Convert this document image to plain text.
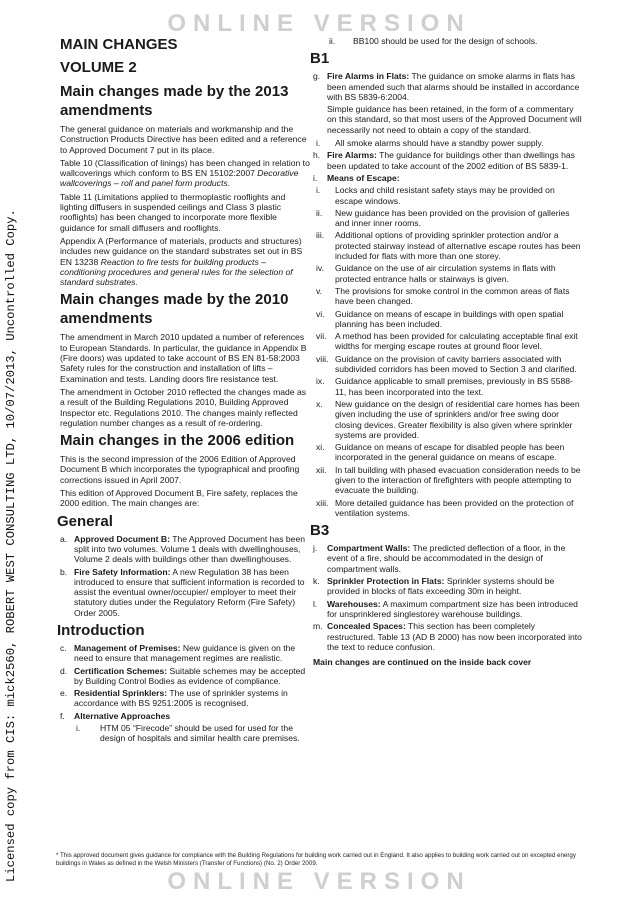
ONLINE VERSION
ONLINE VERSION
Licensed copy from CIS: mick2560, ROBERT WEST CONSULTING LTD, 10/07/2013, Uncontrolled Copy.
MAIN CHANGES
VOLUME 2
Main changes made by the 2013 amendments

The general guidance on materials and workmanship and the Construction Products Directive has been edited and a reference to Approved Document 7 put in its place.

Table 10 (Classification of linings) has been changed in relation to wallcoverings which conform to BS EN 15102:2007 Decorative wallcoverings – roll and panel form products.

Table 11 (Limitations applied to thermoplastic rooflights and lighting diffusers in suspended ceilings and Class 3 plastic rooflights) has been changed to incorporate more flexible guidance for small diffusers and rooflights.

Appendix A (Performance of materials, products and structures) includes new guidance on the standard substrates set out in BS EN 13238 Reaction to fire tests for building products – conditioning procedures and general rules for the selection of standard substrates.

Main changes made by the 2010 amendments

The amendment in March 2010 updated a number of references to European Standards. In particular, the guidance in Appendix B (Fire doors) was updated to take account of BS EN 81-58:2003 Safety rules for the construction and installation of lifts – Examination and tests. Landing doors fire resistance test.

The amendment in October 2010 reflected the changes made as a result of the Building Regulations 2010, Building Approved Inspector etc. Regulations 2010. The changes mainly reflected regulation number changes as a result of re-ordering.

Main changes in the 2006 edition

This is the second impression of the 2006 Edition of Approved Document B which incorporates the typographical and proofing corrections issued in April 2007.

This edition of Approved Document B, Fire safety, replaces the 2000 edition. The main changes are:

General
a. Approved Document B: The Approved Document has been split into two volumes. Volume 1 deals with dwellinghouses, Volume 2 deals with buildings other than dwellinghouses.
b. Fire Safety Information: A new Regulation 38 has been introduced to ensure that sufficient information is recorded to assist the eventual owner/occupier/ employer to meet their statutory duties under the Regulatory Reform (Fire Safety) Order 2005.
Introduction
c. Management of Premises: New guidance is given on the need to ensure that management regimes are realistic.
d. Certification Schemes: Suitable schemes may be accepted by Building Control Bodies as evidence of compliance.
e. Residential Sprinklers: The use of sprinkler systems in accordance with BS 9251:2005 is recognised.
f. Alternative Approaches
i. HTM 05 “Firecode” should be used for used for the design of hospitals and similar health care premises.
ii. BB100 should be used for the design of schools.
B1
g. Fire Alarms in Flats: The guidance on smoke alarms in flats has been amended such that alarms should be installed in accordance with BS 5839-6:2004.

Simple guidance has been retained, in the form of a commentary on this standard, so that most users of the Approved Document will necessarily not need to obtain a copy of the standard.

i. All smoke alarms should have a standby power supply.
h. Fire Alarms: The guidance for buildings other than dwellings has been updated to take account of the 2002 edition of BS 5839-1.
i. Means of Escape:
i. Locks and child resistant safety stays may be provided on escape windows.
ii. New guidance has been provided on the provision of galleries and inner inner rooms.
iii. Additional options of providing sprinkler protection and/or a protected stairway instead of alternative escape routes has been included for flats with more than one storey.
iv. Guidance on the use of air circulation systems in flats with protected entrance halls or stairways is given.
v. The provisions for smoke control in the common areas of flats have been changed.
vi. Guidance on means of escape in buildings with open spatial planning has been included.
vii. A method has been provided for calculating acceptable final exit widths for merging escape routes at ground floor level.
viii. Guidance on the provision of cavity barriers associated with subdivided corridors has been moved to Section 3 and clarified.
ix. Guidance applicable to small premises, previously in BS 5588-11, has been incorporated into the text.
x. New guidance on the design of residential care homes has been given including the use of sprinklers and/or free swing door closing devices. Greater flexibility is also given where sprinkler systems are provided.
xi. Guidance on means of escape for disabled people has been incorporated in the general guidance on means of escape.
xii. In tall building with phased evacuation consideration needs to be given to the interaction of firefighters with people attempting to evacuate the building.
xiii. More detailed guidance has been provided on the protection of ventilation systems.
B3
j. Compartment Walls: The predicted deflection of a floor, in the event of a fire, should be accommodated in the design of compartment walls.
k. Sprinkler Protection in Flats: Sprinkler systems should be provided in blocks of flats exceeding 30m in height.
l. Warehouses: A maximum compartment size has been introduced for unsprinklered singlestorey warehouse buildings.
m. Concealed Spaces: This section has been completely restructured. Table 13 (AD B 2000) has now been incorporated into the text to reduce confusion.

Main changes are continued on the inside back cover

* This approved document gives guidance for compliance with the Building Regulations for building work carried out in England. It also applies to building work carried out on excepted energy buildings in Wales as defined in the Welsh Ministers (Transfer of Functions) (No. 2) Order 2009.
